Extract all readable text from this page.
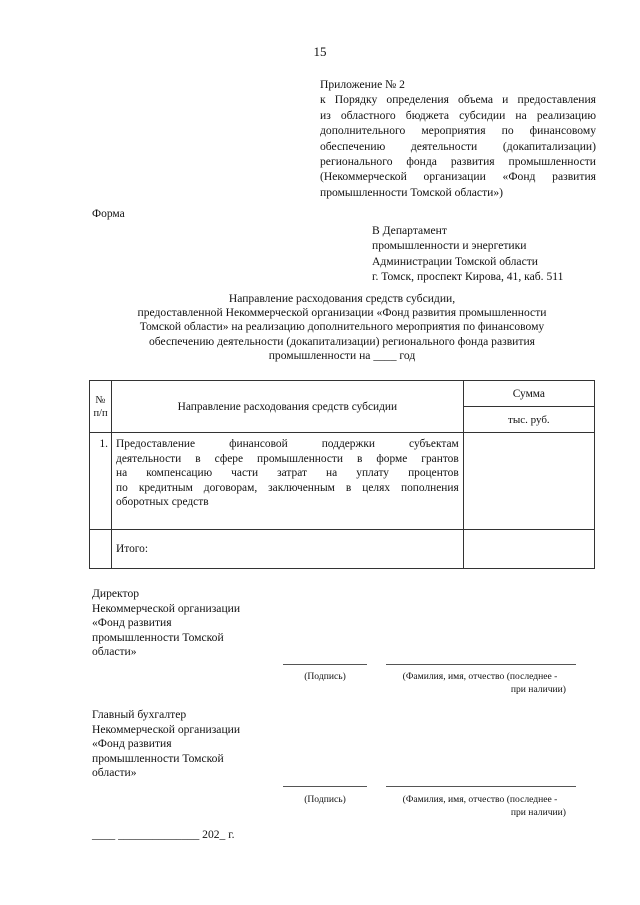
15
Приложение № 2
к Порядку определения объема и предоставления
из областного бюджета субсидии на реализацию
дополнительного мероприятия по финансовому
обеспечению деятельности (докапитализации)
регионального фонда развития промышленности
(Некоммерческой организации «Фонд развития
промышленности Томской области»)
Форма
В Департамент
промышленности и энергетики
Администрации Томской области
г. Томск, проспект Кирова, 41, каб. 511
Направление расходования средств субсидии,
предоставленной Некоммерческой организации «Фонд развития промышленности
Томской области» на реализацию дополнительного мероприятия по финансовому
обеспечению деятельности (докапитализации) регионального фонда развития
промышленности на ____ год
№ п/п	Направление расходования средств субсидии	Сумма
		тыс. руб.
1.	Предоставление финансовой поддержки субъектам
деятельности в сфере промышленности в форме грантов
на компенсацию части затрат на уплату процентов
по кредитным договорам, заключенным в целях пополнения
оборотных средств	

	Итого:	
Директор
Некоммерческой организации
«Фонд развития
промышленности Томской
области»
(Подпись)	(Фамилия, имя, отчество (последнее -
при наличии)
Главный бухгалтер
Некоммерческой организации
«Фонд развития
промышленности Томской
области»
(Подпись)	(Фамилия, имя, отчество (последнее -
при наличии)
____ ______________ 202_ г.
